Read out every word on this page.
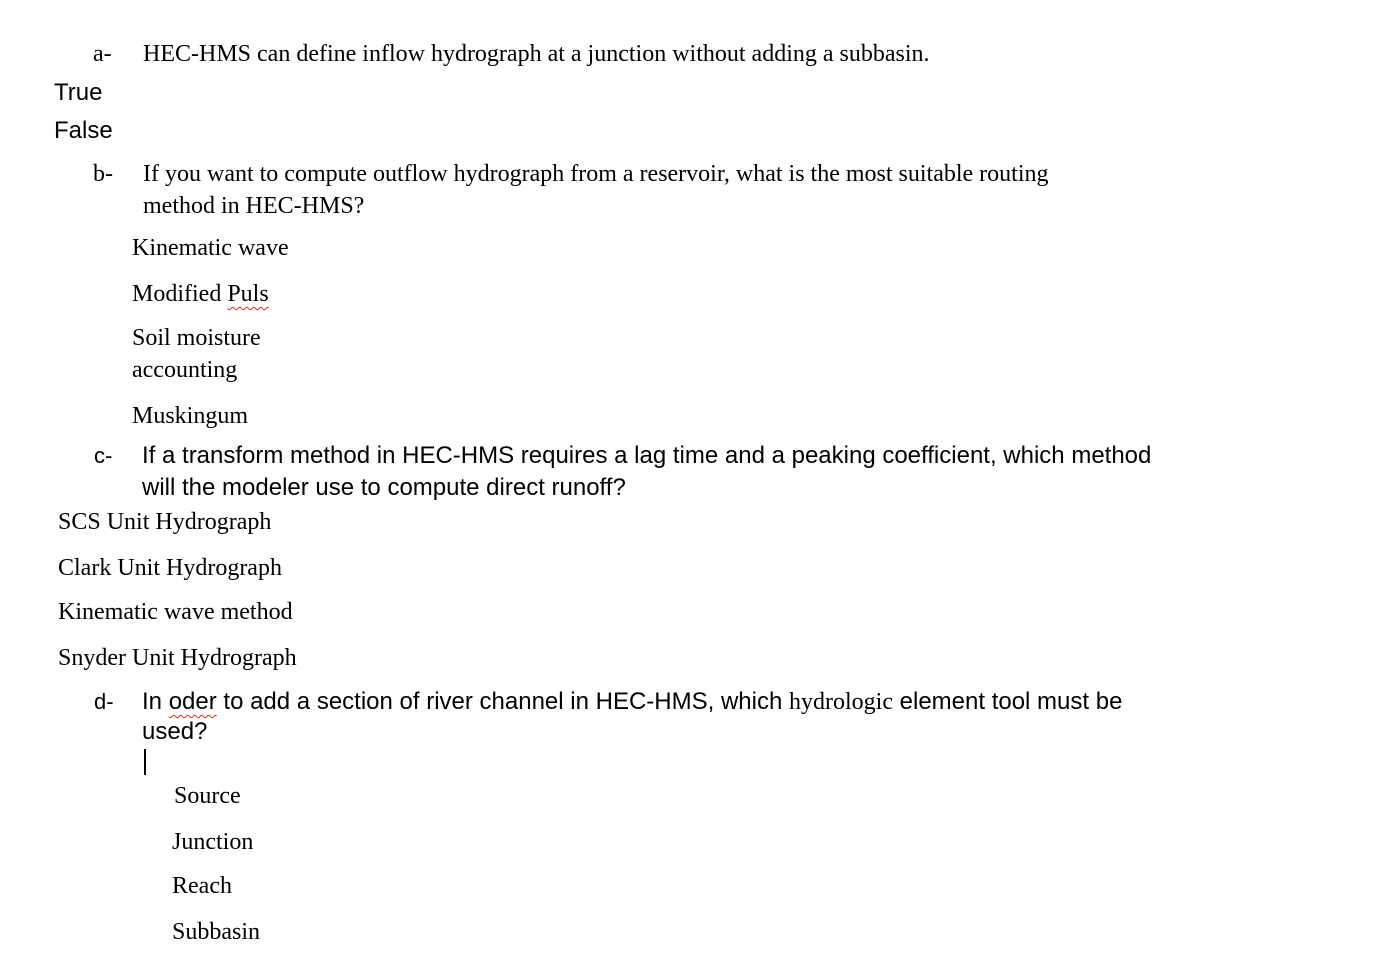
a- HEC-HMS can define inflow hydrograph at a junction without adding a subbasin.
True
False
b- If you want to compute outflow hydrograph from a reservoir, what is the most suitable routing
method in HEC-HMS?
Kinematic wave
Modified Puls
Soil moisture
accounting
Muskingum
c- If a transform method in HEC-HMS requires a lag time and a peaking coefficient, which method
will the modeler use to compute direct runoff?
SCS Unit Hydrograph
Clark Unit Hydrograph
Kinematic wave method
Snyder Unit Hydrograph
d- In oder to add a section of river channel in HEC-HMS, which hydrologic element tool must be
used?
Source
Junction
Reach
Subbasin
